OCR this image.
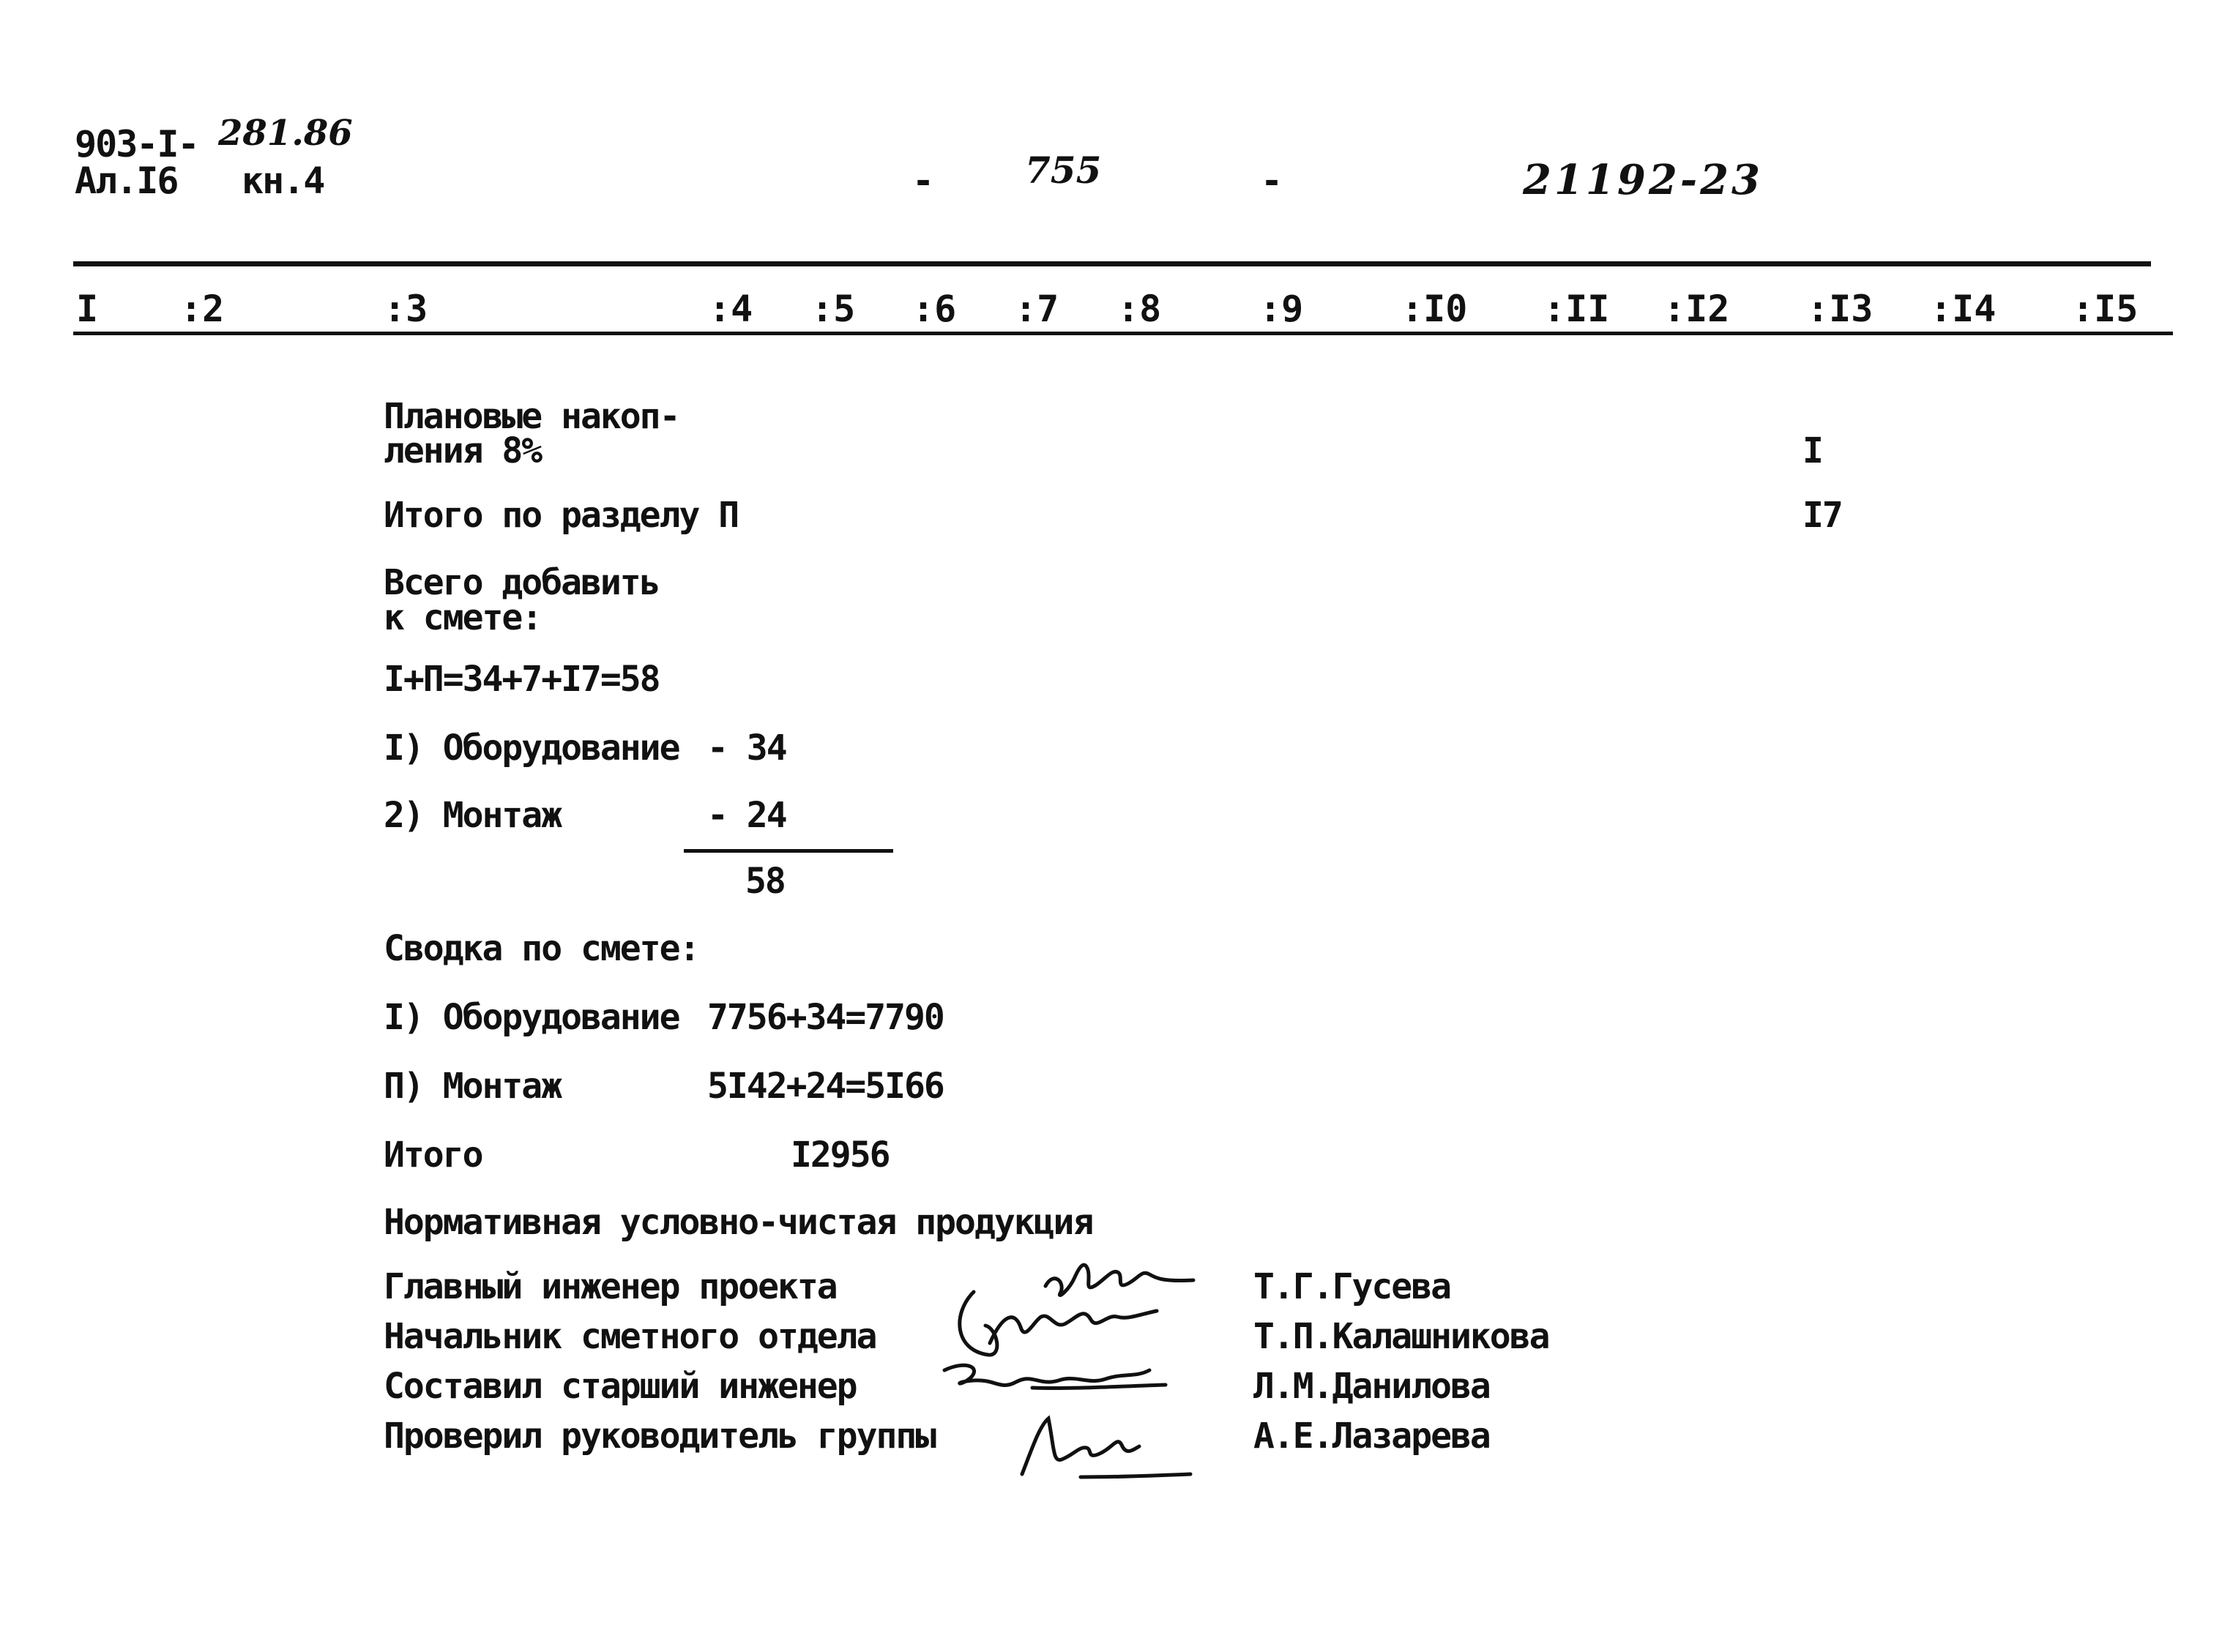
903-I- 281.86
Ал.I6 кн.4	-	755	-	21192-23
I :2	:3	:4 :5 :6 :7 :8	:9	:I0 :II :I2 :I3 :I4 :I5
Плановые накоп-
ления 8%	I
Итого по разделу П	I7
Всего добавить
к смете:
I+П=34+7+I7=58
I) Оборудование - 34
2) Монтаж	- 24
58
Сводка по смете:
I) Оборудование 7756+34=7790
П) Монтаж	5I42+24=5I66
Итого	I2956
Нормативная условно-чистая продукция
Главный инженер проекта	Т.Г.Гусева
Начальник сметного отдела	Т.П.Калашникова
Составил старший инженер	Л.М.Данилова
Проверил руководитель группы	А.Е.Лазарева
